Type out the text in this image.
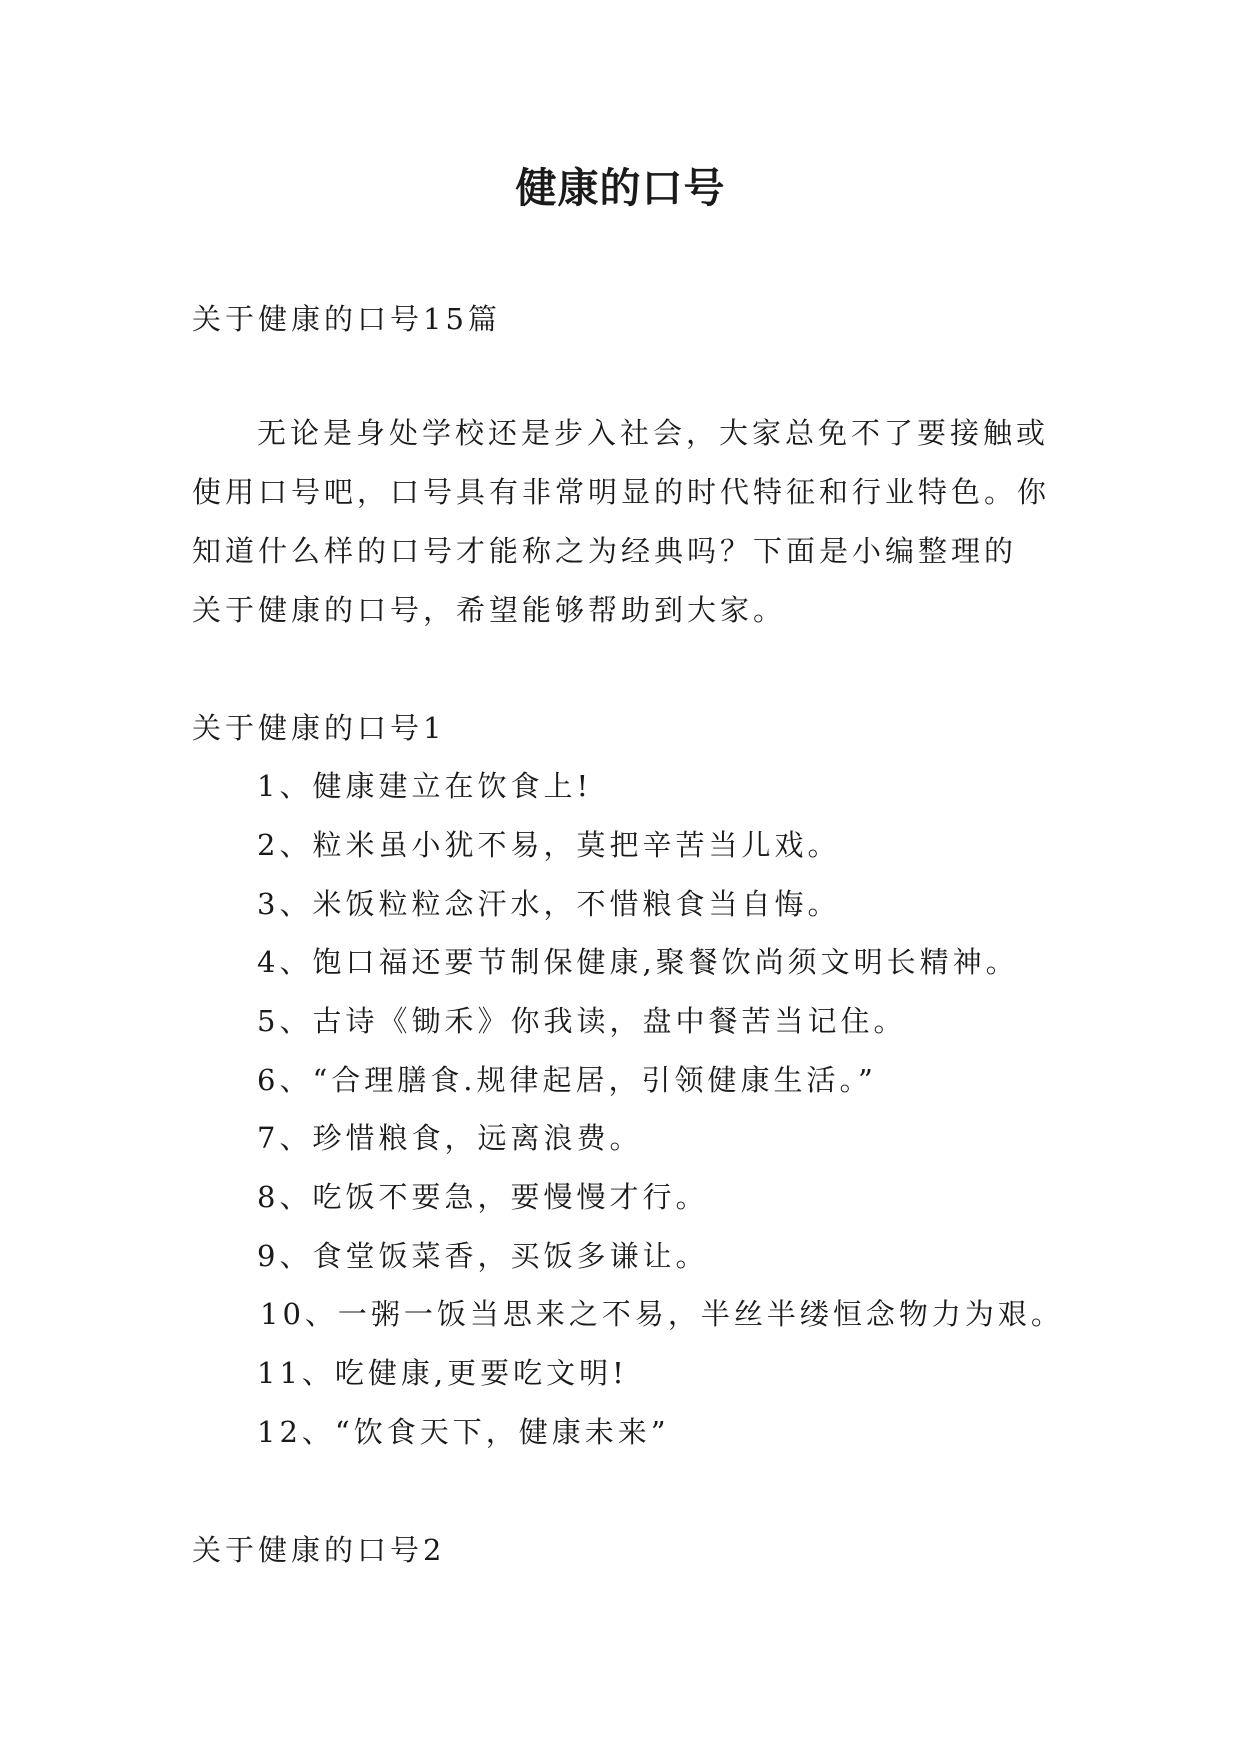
健康的口号
关于健康的口号15篇
无论是身处学校还是步入社会，大家总免不了要接触或
使用口号吧，口号具有非常明显的时代特征和行业特色。你
知道什么样的口号才能称之为经典吗？下面是小编整理的
关于健康的口号，希望能够帮助到大家。
关于健康的口号1
1、健康建立在饮食上!
2、粒米虽小犹不易，莫把辛苦当儿戏。
3、米饭粒粒念汗水，不惜粮食当自悔。
4、饱口福还要节制保健康,聚餐饮尚须文明长精神。
5、古诗《锄禾》你我读，盘中餐苦当记住。
6、“合理膳食.规律起居，引领健康生活。”
7、珍惜粮食，远离浪费。
8、吃饭不要急，要慢慢才行。
9、食堂饭菜香，买饭多谦让。
10、一粥一饭当思来之不易，半丝半缕恒念物力为艰。
11、吃健康,更要吃文明!
12、“饮食天下，健康未来”
关于健康的口号2
